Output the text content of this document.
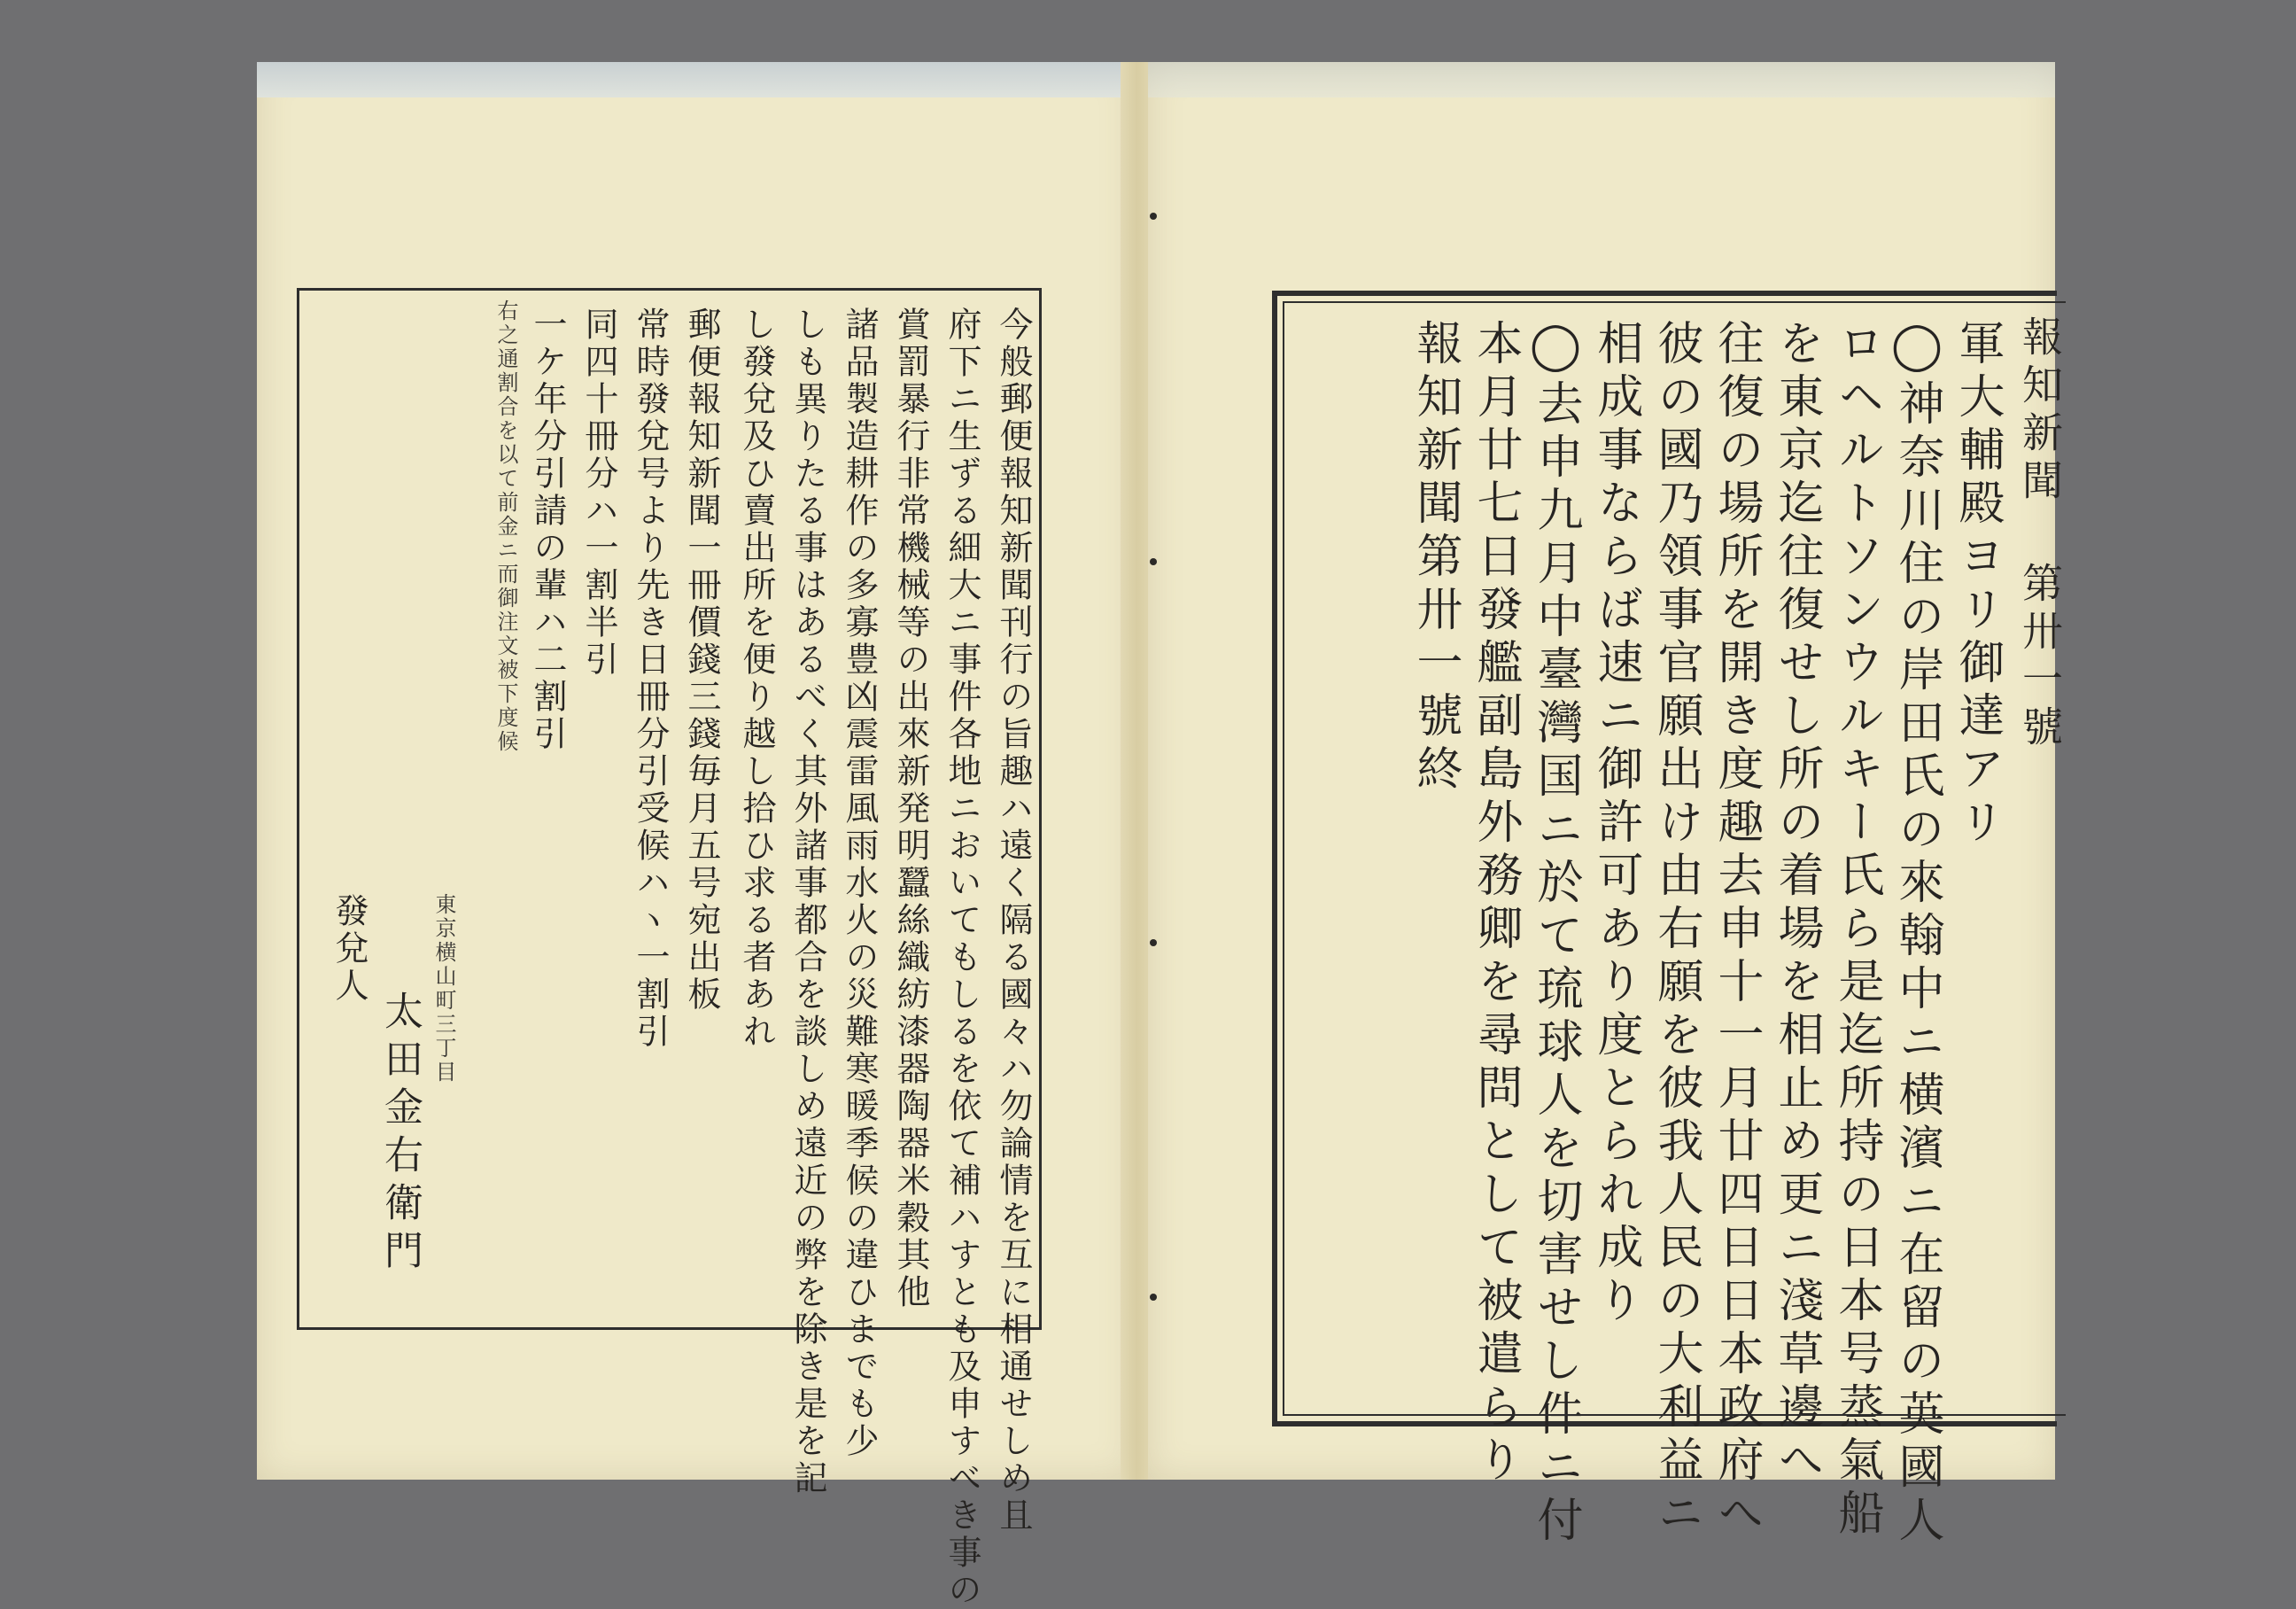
今般郵便報知新聞刊行の旨趣ハ遠く隔る國々ハ勿論情を互に相通せしめ且
府下ニ生ずる細大ニ事件各地ニおいてもしるを依て補ハすとも及申すべき事の
賞罰暴行非常機械等の出來新発明蠶絲織紡漆器陶器米穀其他
諸品製造耕作の多寡豊凶震雷風雨水火の災難寒暖季候の違ひまでも少
しも異りたる事はあるべく其外諸事都合を談しめ遠近の弊を除き是を記
し發兌及ひ賣出所を便り越し拾ひ求る者あれ
郵便報知新聞一冊價錢三錢毎月五号宛出板
常時發兌号より先き日冊分引受候ハヽ一割引
同四十冊分ハ一割半引
一ケ年分引請の輩ハ二割引
右之通割合を以て前金ニ而御注文被下度候
東京横山町三丁目
發兌人
太田金右衛門
報知新聞 第卅一號
軍大輔殿ヨリ御達アリ
◯神奈川住の岸田氏の來翰中ニ横濱ニ在留の英國人
ロヘルトソンウルキー氏ら是迄所持の日本号蒸氣船
を東京迄往復せし所の着場を相止め更ニ淺草邊へ
往復の場所を開き度趣去申十一月廿四日日本政府へ
彼の國乃領事官願出け由右願を彼我人民の大利益ニ
相成事ならば速ニ御許可あり度とられ成り
◯去申九月中臺灣国ニ於て琉球人を切害せし件ニ付
本月廿七日發艦副島外務卿を尋問として被遣らり
報知新聞第卅一號終
